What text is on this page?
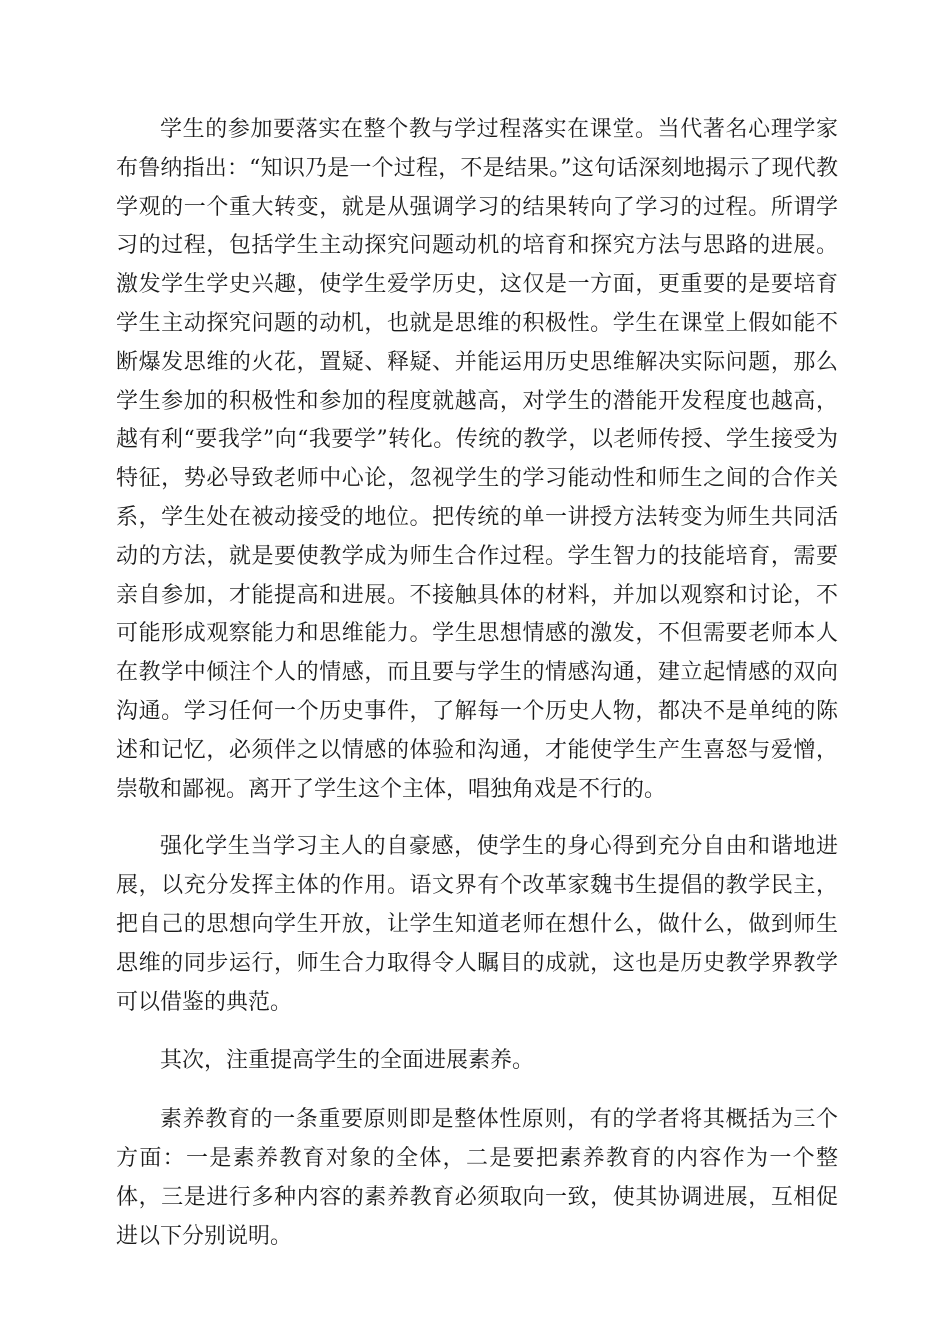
学生的参加要落实在整个教与学过程落实在课堂。当代著名心理学家布鲁纳指出：“知识乃是一个过程，不是结果。”这句话深刻地揭示了现代教学观的一个重大转变，就是从强调学习的结果转向了学习的过程。所谓学习的过程，包括学生主动探究问题动机的培育和探究方法与思路的进展。激发学生学史兴趣，使学生爱学历史，这仅是一方面，更重要的是要培育学生主动探究问题的动机，也就是思维的积极性。学生在课堂上假如能不断爆发思维的火花，置疑、释疑、并能运用历史思维解决实际问题，那么学生参加的积极性和参加的程度就越高，对学生的潜能开发程度也越高，越有利“要我学”向“我要学”转化。传统的教学，以老师传授、学生接受为特征，势必导致老师中心论，忽视学生的学习能动性和师生之间的合作关系，学生处在被动接受的地位。把传统的单一讲授方法转变为师生共同活动的方法，就是要使教学成为师生合作过程。学生智力的技能培育，需要亲自参加，才能提高和进展。不接触具体的材料，并加以观察和讨论，不可能形成观察能力和思维能力。学生思想情感的激发，不但需要老师本人在教学中倾注个人的情感，而且要与学生的情感沟通，建立起情感的双向沟通。学习任何一个历史事件，了解每一个历史人物，都决不是单纯的陈述和记忆，必须伴之以情感的体验和沟通，才能使学生产生喜怒与爱憎，崇敬和鄙视。离开了学生这个主体，唱独角戏是不行的。

强化学生当学习主人的自豪感，使学生的身心得到充分自由和谐地进展，以充分发挥主体的作用。语文界有个改革家魏书生提倡的教学民主，把自己的思想向学生开放，让学生知道老师在想什么，做什么，做到师生思维的同步运行，师生合力取得令人瞩目的成就，这也是历史教学界教学可以借鉴的典范。

其次，注重提高学生的全面进展素养。

素养教育的一条重要原则即是整体性原则，有的学者将其概括为三个方面：一是素养教育对象的全体，二是要把素养教育的内容作为一个整体，三是进行多种内容的素养教育必须取向一致，使其协调进展，互相促进以下分别说明。
